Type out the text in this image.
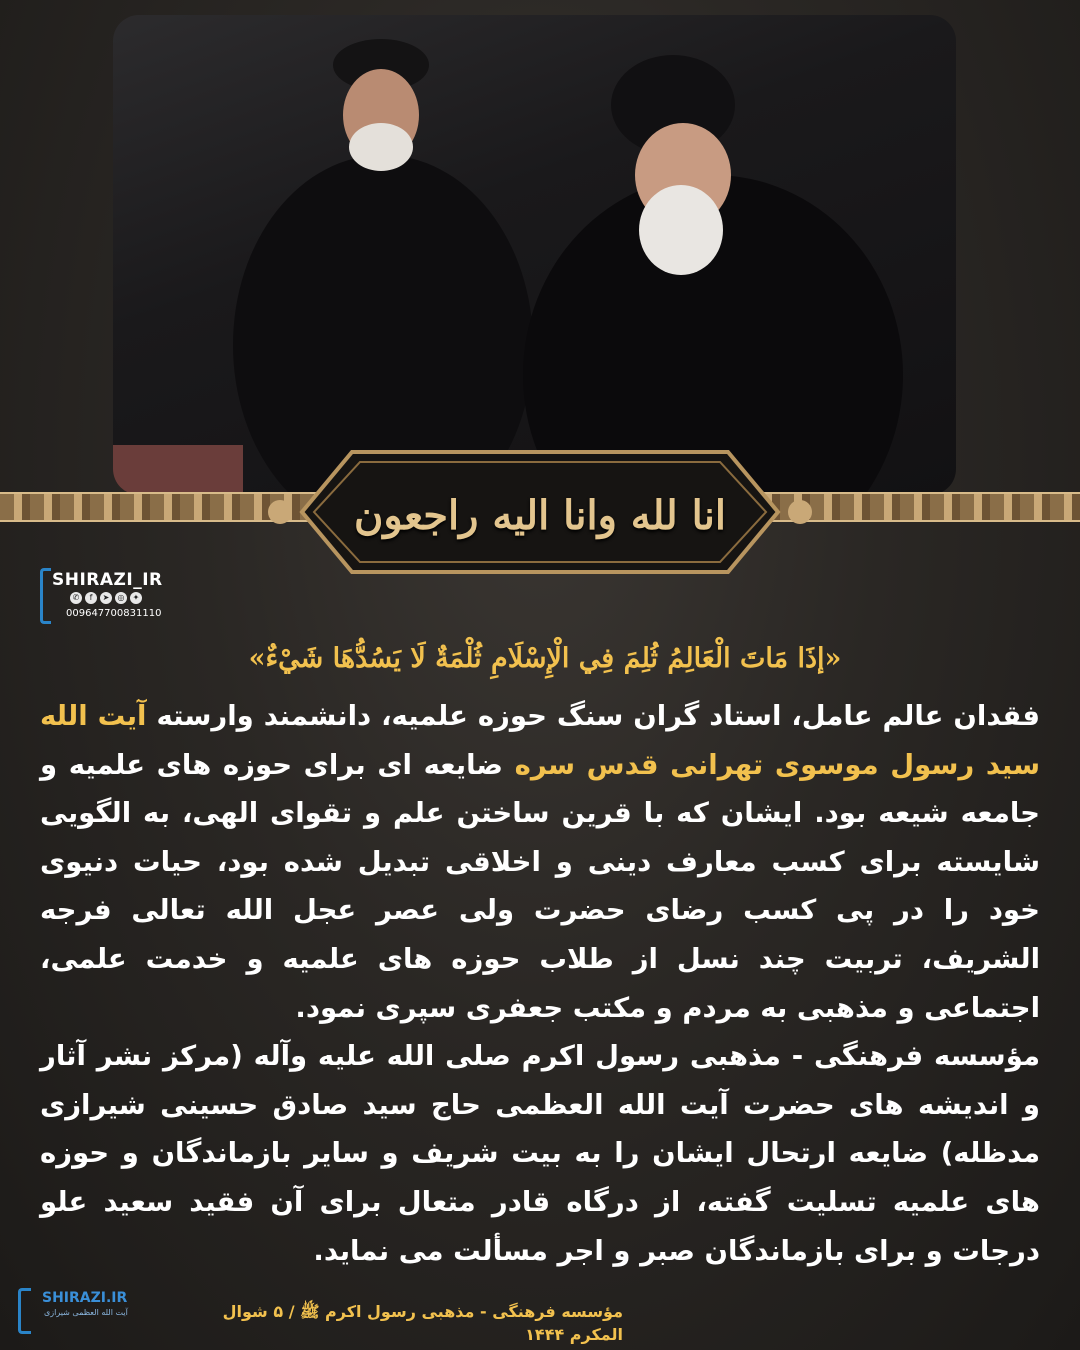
انا لله وانا اليه راجعون
SHIRAZI_IR
✆	f	➤	◎	✦
009647700831110
«إذَا مَاتَ الْعَالِمُ ثُلِمَ فِي الْإِسْلَامِ ثُلْمَةٌ لَا يَسُدُّهَا شَيْءٌ»
فقدان عالم عامل، استاد گران سنگ حوزه علمیه، دانشمند وارسته آیت الله سید رسول موسوی تهرانی قدس سره ضایعه ای برای حوزه های علمیه و جامعه شیعه بود. ایشان که با قرین ساختن علم و تقوای الهی، به الگویی شایسته برای کسب معارف دینی و اخلاقی تبدیل شده بود، حیات دنیوی خود را در پی کسب رضای حضرت ولی عصر عجل الله تعالی فرجه الشریف، تربیت چند نسل از طلاب حوزه های علمیه و خدمت علمی، اجتماعی و مذهبی به مردم و مکتب جعفری سپری نمود.
مؤسسه فرهنگی - مذهبی رسول اکرم صلی الله علیه وآله (مرکز نشر آثار و اندیشه های حضرت آیت الله العظمی حاج سید صادق حسینی شیرازی مدظله) ضایعه ارتحال ایشان را به بیت شریف و سایر بازماندگان و حوزه های علمیه تسلیت گفته، از درگاه قادر متعال برای آن فقید سعید علو درجات و برای بازماندگان صبر و اجر مسألت می نماید.
SHIRAZI.IR
آیت الله العظمی شیرازی	مؤسسه فرهنگی - مذهبی رسول اکرم ﷺ / ۵ شوال المکرم ۱۴۴۴
